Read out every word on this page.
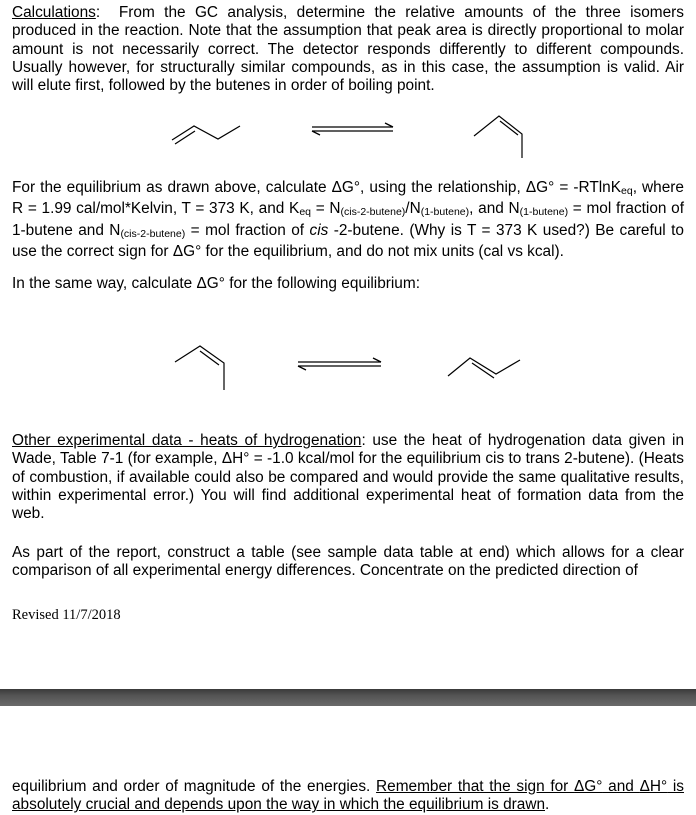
Calculations:  From the GC analysis, determine the relative amounts of the three isomers produced in the reaction. Note that the assumption that peak area is directly proportional to molar amount is not necessarily correct. The detector responds differently to different compounds. Usually however, for structurally similar compounds, as in this case, the assumption is valid. Air will elute first, followed by the butenes in order of boiling point.

For the equilibrium as drawn above, calculate ΔG°, using the relationship, ΔG° = -RTlnKeq, where R = 1.99 cal/mol*Kelvin, T = 373 K, and Keq = N(cis-2-butene)/N(1-butene), and N(1-butene) = mol fraction of 1-butene and N(cis-2-butene) = mol fraction of cis -2-butene. (Why is T = 373 K used?) Be careful to use the correct sign for ΔG° for the equilibrium, and do not mix units (cal vs kcal).

In the same way, calculate ΔG° for the following equilibrium:

Other experimental data - heats of hydrogenation: use the heat of hydrogenation data given in Wade, Table 7-1 (for example, ΔH° = -1.0 kcal/mol for the equilibrium cis to trans 2-butene). (Heats of combustion, if available could also be compared and would provide the same qualitative results, within experimental error.) You will find additional experimental heat of formation data from the web.

As part of the report, construct a table (see sample data table at end) which allows for a clear comparison of all experimental energy differences. Concentrate on the predicted direction of

Revised 11/7/2018

equilibrium and order of magnitude of the energies. Remember that the sign for ΔG° and ΔH° is absolutely crucial and depends upon the way in which the equilibrium is drawn.
